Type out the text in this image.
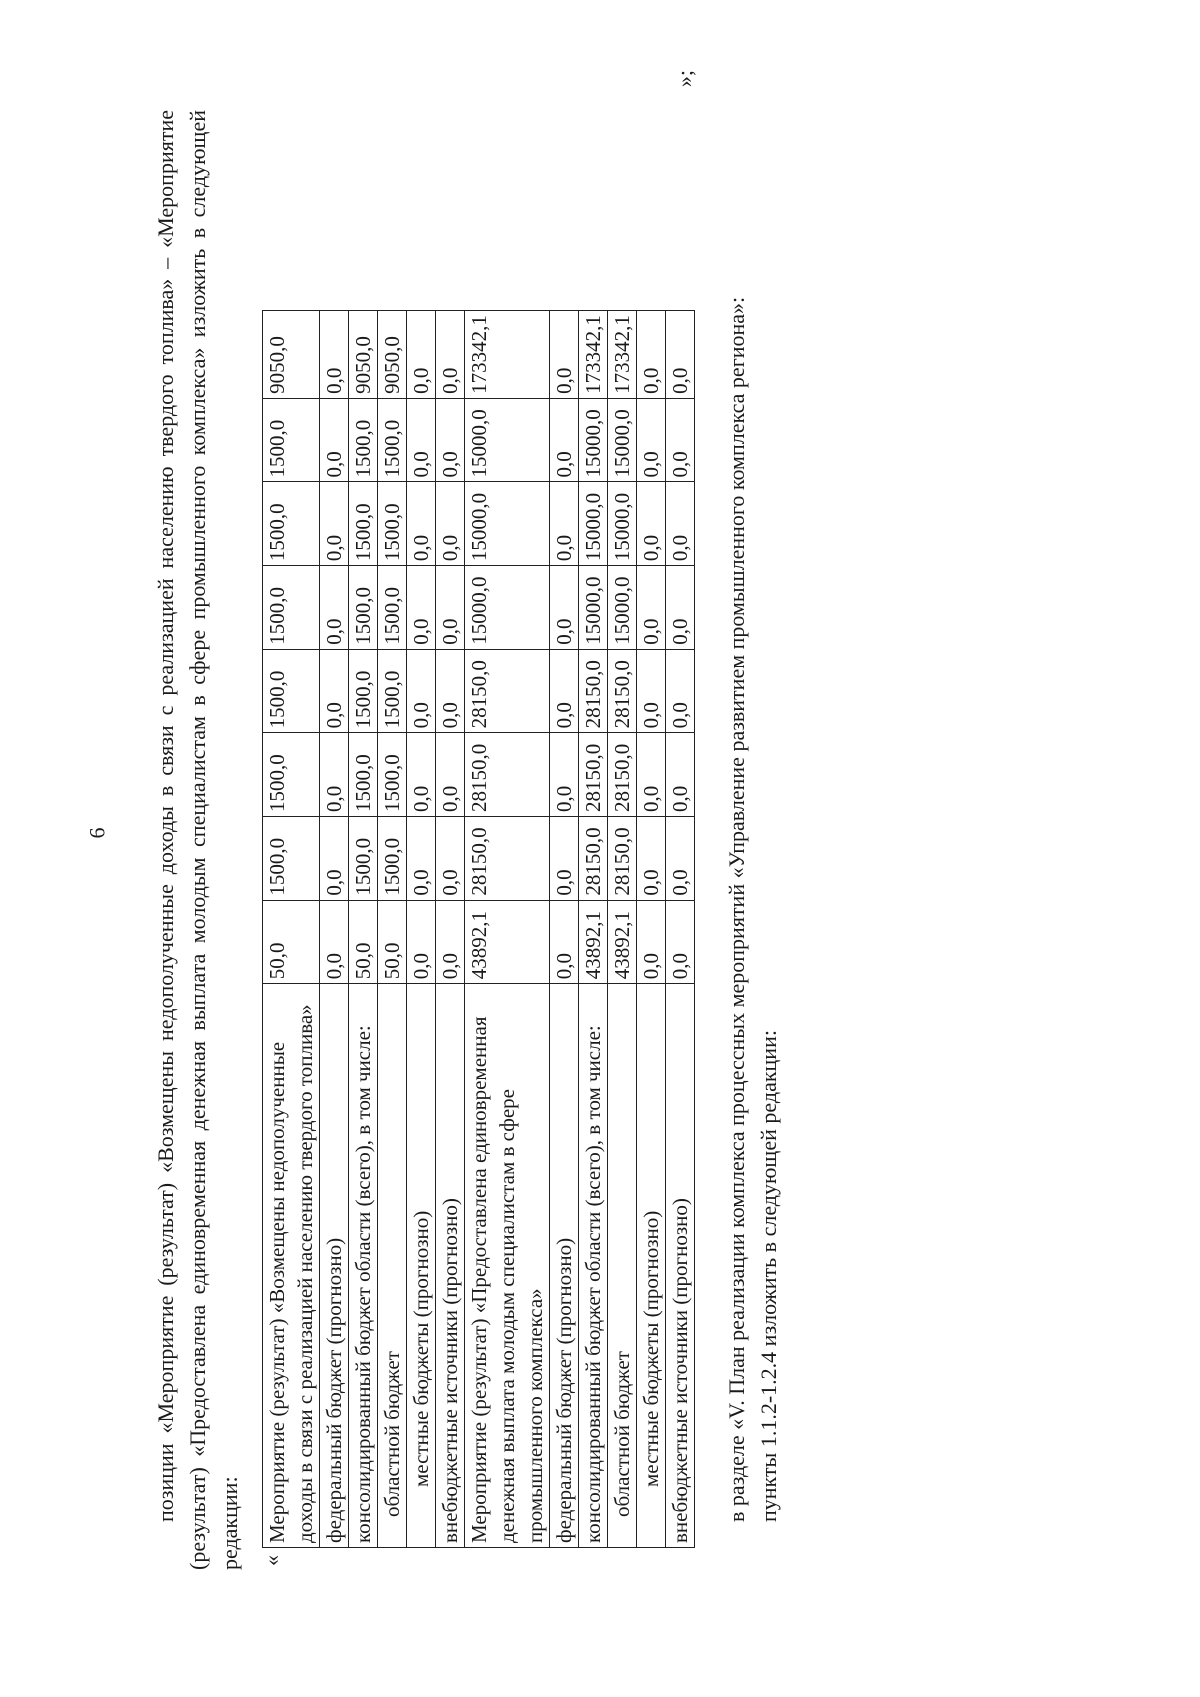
6 позиции «Мероприятие (результат) «Возмещены недополученные доходы в связи с реализацией населению твердого топлива» – «Мероприятие (результат) «Предоставлена единовременная денежная выплата молодым специалистам в сфере промышленного комплекса» изложить в следующей редакции: «
Мероприятие (результат) «Возмещены недополученные доходы в связи с реализацией населению твердого топлива»	50,0	1500,0	1500,0	1500,0	1500,0	1500,0	1500,0	9050,0
федеральный бюджет (прогнозно)	0,0	0,0	0,0	0,0	0,0	0,0	0,0	0,0
консолидированный бюджет области (всего), в том числе:	50,0	1500,0	1500,0	1500,0	1500,0	1500,0	1500,0	9050,0
областной бюджет	50,0	1500,0	1500,0	1500,0	1500,0	1500,0	1500,0	9050,0
местные бюджеты (прогнозно)	0,0	0,0	0,0	0,0	0,0	0,0	0,0	0,0
внебюджетные источники (прогнозно)	0,0	0,0	0,0	0,0	0,0	0,0	0,0	0,0
Мероприятие (результат) «Предоставлена единовременная денежная выплата молодым специалистам в сфере промышленного комплекса»	43892,1	28150,0	28150,0	28150,0	15000,0	15000,0	15000,0	173342,1
федеральный бюджет (прогнозно)	0,0	0,0	0,0	0,0	0,0	0,0	0,0	0,0
консолидированный бюджет области (всего), в том числе:	43892,1	28150,0	28150,0	28150,0	15000,0	15000,0	15000,0	173342,1
областной бюджет	43892,1	28150,0	28150,0	28150,0	15000,0	15000,0	15000,0	173342,1
местные бюджеты (прогнозно)	0,0	0,0	0,0	0,0	0,0	0,0	0,0	0,0
внебюджетные источники (прогнозно)	0,0	0,0	0,0	0,0	0,0	0,0	0,0	0,0
»;

в разделе «V. План реализации комплекса процессных мероприятий «Управление развитием промышленного комплекса региона»: пункты 1.1.2-1.2.4 изложить в следующей редакции:
